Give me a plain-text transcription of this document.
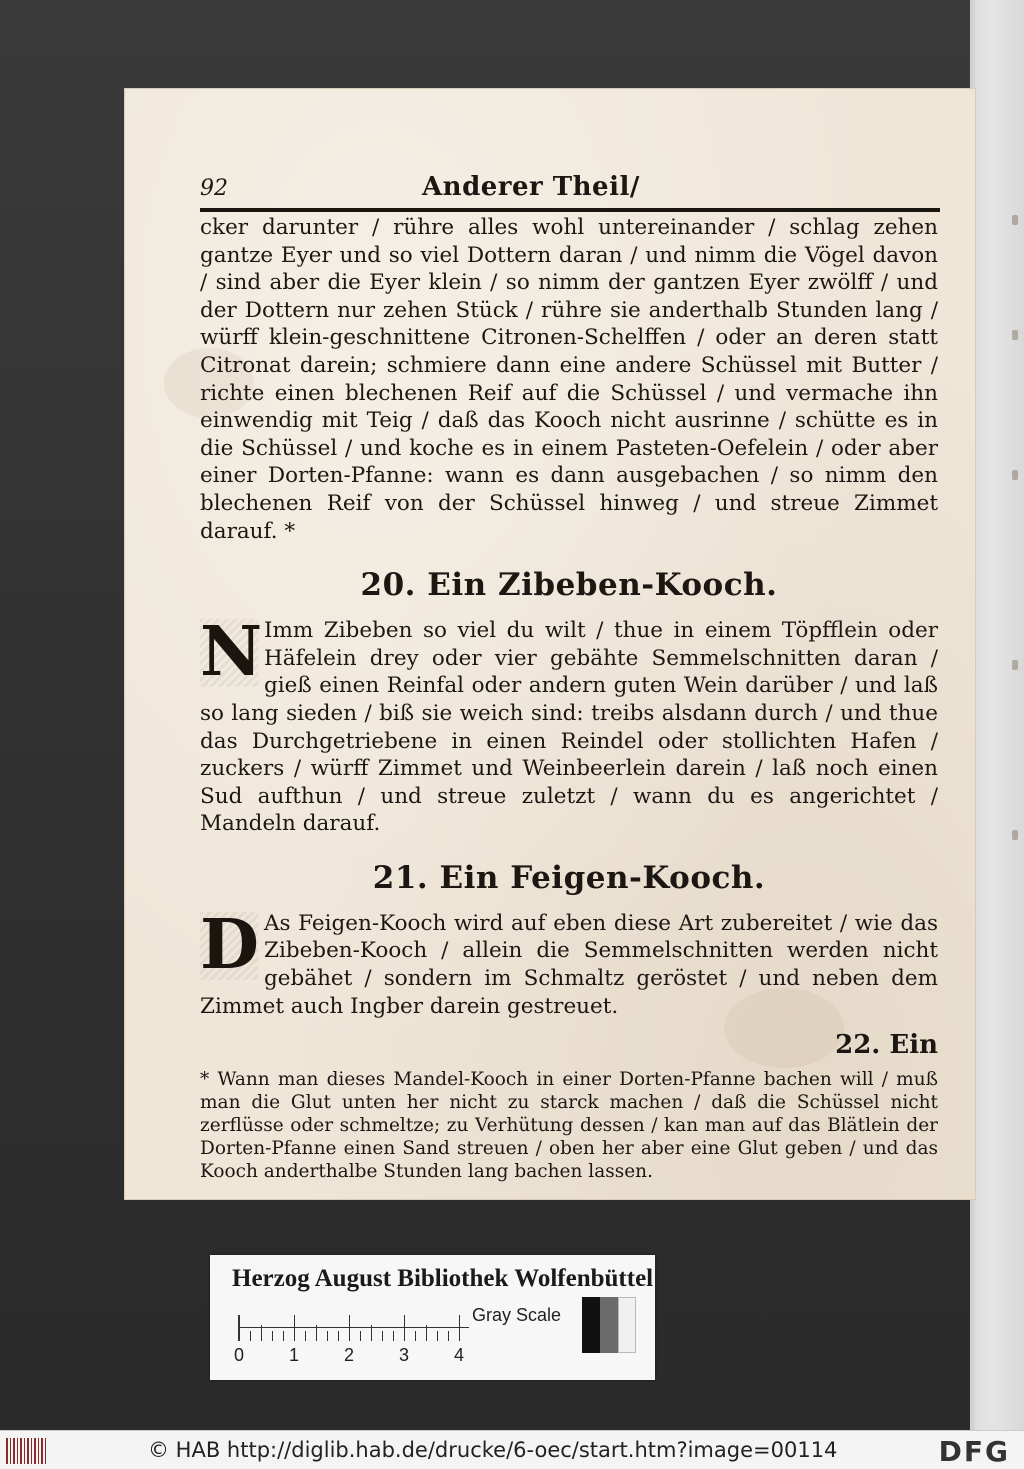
92	Anderer Theil/

cker darunter / rühre alles wohl untereinander / schlag zehen gantze Eyer und so viel Dottern daran / und nimm die Vögel davon / sind aber die Eyer klein / so nimm der gantzen Eyer zwölff / und der Dottern nur zehen Stück / rühre sie anderthalb Stunden lang / würff klein-geschnittene Citronen-Schelffen / oder an deren statt Citronat darein; schmiere dann eine andere Schüssel mit Butter / richte einen blechenen Reif auf die Schüssel / und vermache ihn einwendig mit Teig / daß das Kooch nicht ausrinne / schütte es in die Schüssel / und koche es in einem Pasteten-Oefelein / oder aber einer Dorten-Pfanne: wann es dann ausgebachen / so nimm den blechenen Reif von der Schüssel hinweg / und streue Zimmet darauf. *

20. Ein Zibeben-Kooch.
N Imm Zibeben so viel du wilt / thue in einem Töpfflein oder Häfelein drey oder vier gebähte Semmelschnitten daran / gieß einen Reinfal oder andern guten Wein darüber / und laß so lang sieden / biß sie weich sind: treibs alsdann durch / und thue das Durchgetriebene in einen Reindel oder stollichten Hafen / zuckers / würff Zimmet und Weinbeerlein darein / laß noch einen Sud aufthun / und streue zuletzt / wann du es angerichtet / Mandeln darauf.
21. Ein Feigen-Kooch.
D As Feigen-Kooch wird auf eben diese Art zubereitet / wie das Zibeben-Kooch / allein die Semmelschnitten werden nicht gebähet / sondern im Schmaltz geröstet / und neben dem Zimmet auch Ingber darein gestreuet.
22. Ein

* Wann man dieses Mandel-Kooch in einer Dorten-Pfanne bachen will / muß man die Glut unten her nicht zu starck machen / daß die Schüssel nicht zerflüsse oder schmeltze; zu Verhütung dessen / kan man auf das Blätlein der Dorten-Pfanne einen Sand streuen / oben her aber eine Glut geben / und das Kooch anderthalbe Stunden lang bachen lassen.

Herzog August Bibliothek Wolfenbüttel
0 1 2 3 4
Gray Scale
© HAB http://diglib.hab.de/drucke/6-oec/start.htm?image=00114	DFG
